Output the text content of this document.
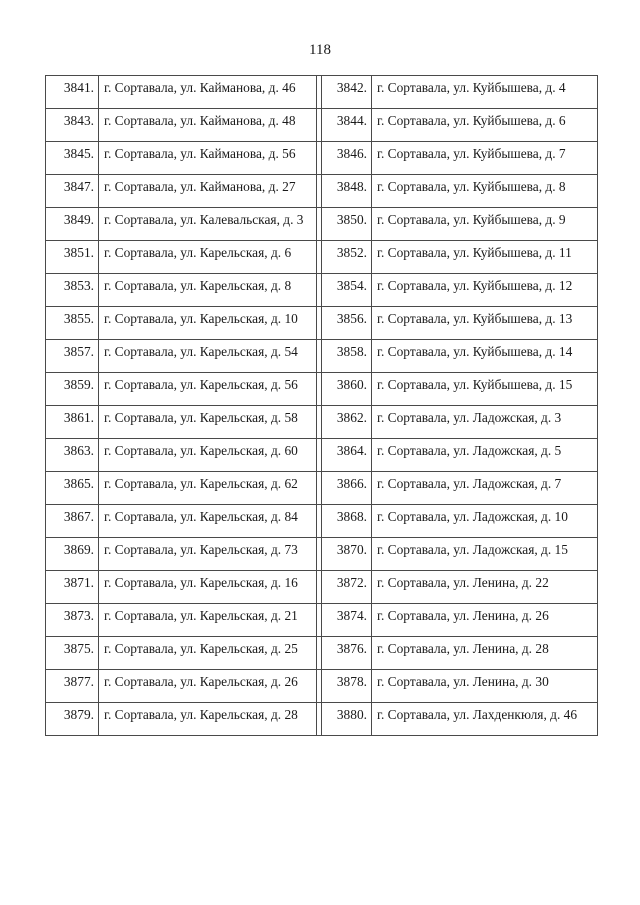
118
3841.	г. Сортавала, ул. Кайманова, д. 46		3842.	г. Сортавала, ул. Куйбышева, д. 4
3843.	г. Сортавала, ул. Кайманова, д. 48		3844.	г. Сортавала, ул. Куйбышева, д. 6
3845.	г. Сортавала, ул. Кайманова, д. 56		3846.	г. Сортавала, ул. Куйбышева, д. 7
3847.	г. Сортавала, ул. Кайманова, д. 27		3848.	г. Сортавала, ул. Куйбышева, д. 8
3849.	г. Сортавала, ул. Калевальская, д. 3		3850.	г. Сортавала, ул. Куйбышева, д. 9
3851.	г. Сортавала, ул. Карельская, д. 6		3852.	г. Сортавала, ул. Куйбышева, д. 11
3853.	г. Сортавала, ул. Карельская, д. 8		3854.	г. Сортавала, ул. Куйбышева, д. 12
3855.	г. Сортавала, ул. Карельская, д. 10		3856.	г. Сортавала, ул. Куйбышева, д. 13
3857.	г. Сортавала, ул. Карельская, д. 54		3858.	г. Сортавала, ул. Куйбышева, д. 14
3859.	г. Сортавала, ул. Карельская, д. 56		3860.	г. Сортавала, ул. Куйбышева, д. 15
3861.	г. Сортавала, ул. Карельская, д. 58		3862.	г. Сортавала, ул. Ладожская, д. 3
3863.	г. Сортавала, ул. Карельская, д. 60		3864.	г. Сортавала, ул. Ладожская, д. 5
3865.	г. Сортавала, ул. Карельская, д. 62		3866.	г. Сортавала, ул. Ладожская, д. 7
3867.	г. Сортавала, ул. Карельская, д. 84		3868.	г. Сортавала, ул. Ладожская, д. 10
3869.	г. Сортавала, ул. Карельская, д. 73		3870.	г. Сортавала, ул. Ладожская, д. 15
3871.	г. Сортавала, ул. Карельская, д. 16		3872.	г. Сортавала, ул. Ленина, д. 22
3873.	г. Сортавала, ул. Карельская, д. 21		3874.	г. Сортавала, ул. Ленина, д. 26
3875.	г. Сортавала, ул. Карельская, д. 25		3876.	г. Сортавала, ул. Ленина, д. 28
3877.	г. Сортавала, ул. Карельская, д. 26		3878.	г. Сортавала, ул. Ленина, д. 30
3879.	г. Сортавала, ул. Карельская, д. 28		3880.	г. Сортавала, ул. Лахденкюля, д. 46
